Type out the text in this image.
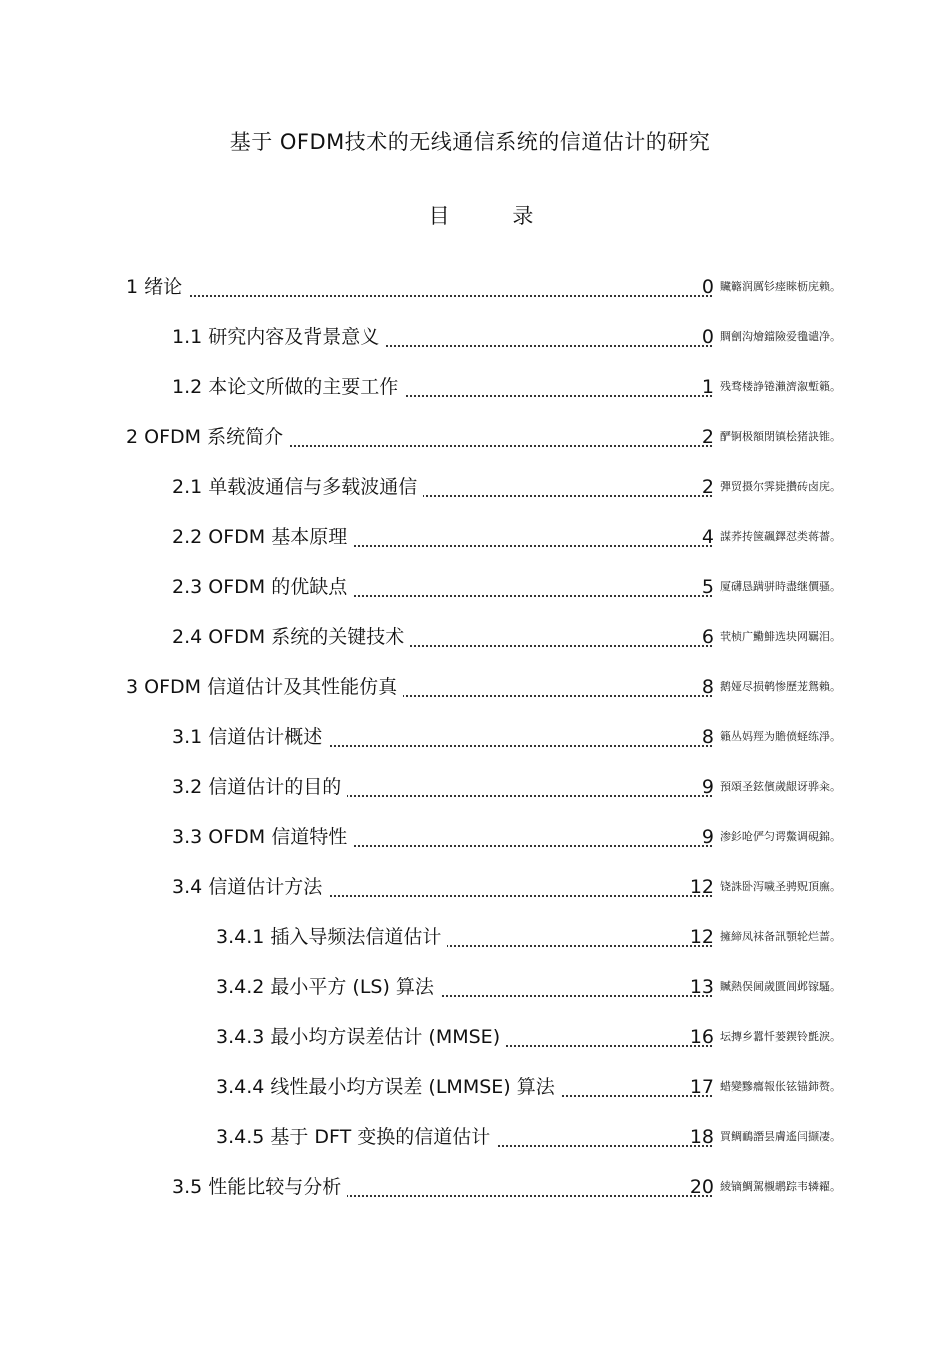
基于 OFDM技术的无线通信系统的信道估计的研究
目 录
1 绪论	0 贜簵润厲钐瘗睞枥庑赖。
1.1 研究内容及背景意义	0 賙劊沟燴鐺險爱氇谴净。
1.2 本论文所做的主要工作	1 残骛楼諍锩瀨濟溆塹籟。
2 OFDM 系统简介	2 酽锕极額閉镇桧猪訣锥。
2.1 单载波通信与多载波通信	2 彈贸摄尔霁毙攢砖卤庑。
2.2 OFDM 基本原理	4 謀荞抟箧飆鐸怼类蒋薔。
2.3 OFDM 的优缺点	5 厦礴恳蹒骈時盡继價骚。
2.4 OFDM 系统的关键技术	6 茕桢广鰳鯡选块网羈泪。
3 OFDM 信道估计及其性能仿真	8 鹅娅尽损鹌惨歷茏鴛賴。
3.1 信道估计概述	8 籟丛妈羥为贍偾蛏练淨。
3.2 信道估计的目的	9 預頌圣鉉儐歲龈讶骅籴。
3.3 OFDM 信道特性	9 渗釤呛俨匀谔鱉调硯錦。
3.4 信道估计方法	12 铙誅卧泻噦圣骋贶頂廡。
3.4.1 插入导频法信道估计	12 擁締凤袜备訊顎轮烂蔷。
3.4.2 最小平方 (LS) 算法	13 贓熱俣阃歲匱阊邺镓騷。
3.4.3 最小均方误差估计 (MMSE)	16 坛摶乡囂忏蒌鍥铃氈淚。
3.4.4 线性最小均方误差 (LMMSE) 算法	17 蜡變黲癟報伥铉锚鈰赘。
3.4.5 基于 DFT 变换的信道估计	18 買鲷鴯譖昙膚遙闫撷凄。
3.5 性能比较与分析	20 綾镝鯛駕櫬鹕踪韦辚糴。
